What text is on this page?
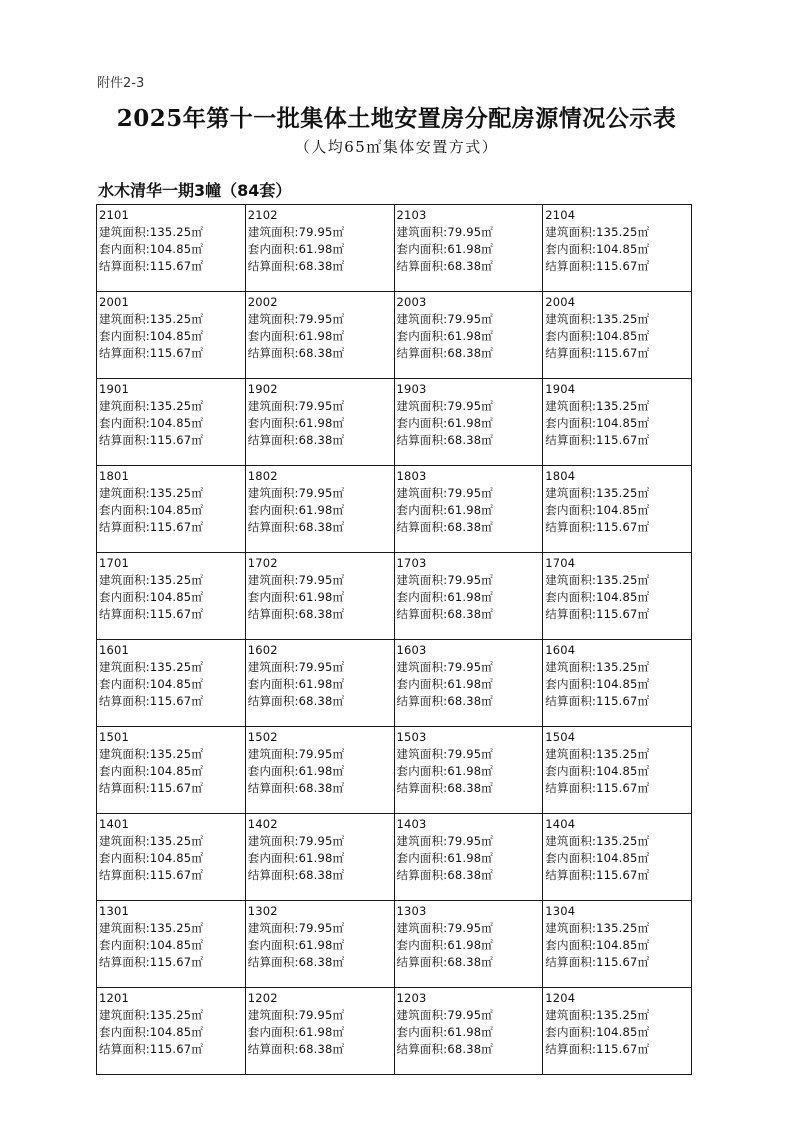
附件2-3
2025年第十一批集体土地安置房分配房源情况公示表
（人均65㎡集体安置方式）
水木清华一期3幢（84套）
2101
建筑面积:135.25㎡
套内面积:104.85㎡
结算面积:115.67㎡	2102
建筑面积:79.95㎡
套内面积:61.98㎡
结算面积:68.38㎡	2103
建筑面积:79.95㎡
套内面积:61.98㎡
结算面积:68.38㎡	2104
建筑面积:135.25㎡
套内面积:104.85㎡
结算面积:115.67㎡

2001
建筑面积:135.25㎡
套内面积:104.85㎡
结算面积:115.67㎡	2002
建筑面积:79.95㎡
套内面积:61.98㎡
结算面积:68.38㎡	2003
建筑面积:79.95㎡
套内面积:61.98㎡
结算面积:68.38㎡	2004
建筑面积:135.25㎡
套内面积:104.85㎡
结算面积:115.67㎡

1901
建筑面积:135.25㎡
套内面积:104.85㎡
结算面积:115.67㎡	1902
建筑面积:79.95㎡
套内面积:61.98㎡
结算面积:68.38㎡	1903
建筑面积:79.95㎡
套内面积:61.98㎡
结算面积:68.38㎡	1904
建筑面积:135.25㎡
套内面积:104.85㎡
结算面积:115.67㎡

1801
建筑面积:135.25㎡
套内面积:104.85㎡
结算面积:115.67㎡	1802
建筑面积:79.95㎡
套内面积:61.98㎡
结算面积:68.38㎡	1803
建筑面积:79.95㎡
套内面积:61.98㎡
结算面积:68.38㎡	1804
建筑面积:135.25㎡
套内面积:104.85㎡
结算面积:115.67㎡

1701
建筑面积:135.25㎡
套内面积:104.85㎡
结算面积:115.67㎡	1702
建筑面积:79.95㎡
套内面积:61.98㎡
结算面积:68.38㎡	1703
建筑面积:79.95㎡
套内面积:61.98㎡
结算面积:68.38㎡	1704
建筑面积:135.25㎡
套内面积:104.85㎡
结算面积:115.67㎡

1601
建筑面积:135.25㎡
套内面积:104.85㎡
结算面积:115.67㎡	1602
建筑面积:79.95㎡
套内面积:61.98㎡
结算面积:68.38㎡	1603
建筑面积:79.95㎡
套内面积:61.98㎡
结算面积:68.38㎡	1604
建筑面积:135.25㎡
套内面积:104.85㎡
结算面积:115.67㎡

1501
建筑面积:135.25㎡
套内面积:104.85㎡
结算面积:115.67㎡	1502
建筑面积:79.95㎡
套内面积:61.98㎡
结算面积:68.38㎡	1503
建筑面积:79.95㎡
套内面积:61.98㎡
结算面积:68.38㎡	1504
建筑面积:135.25㎡
套内面积:104.85㎡
结算面积:115.67㎡

1401
建筑面积:135.25㎡
套内面积:104.85㎡
结算面积:115.67㎡	1402
建筑面积:79.95㎡
套内面积:61.98㎡
结算面积:68.38㎡	1403
建筑面积:79.95㎡
套内面积:61.98㎡
结算面积:68.38㎡	1404
建筑面积:135.25㎡
套内面积:104.85㎡
结算面积:115.67㎡

1301
建筑面积:135.25㎡
套内面积:104.85㎡
结算面积:115.67㎡	1302
建筑面积:79.95㎡
套内面积:61.98㎡
结算面积:68.38㎡	1303
建筑面积:79.95㎡
套内面积:61.98㎡
结算面积:68.38㎡	1304
建筑面积:135.25㎡
套内面积:104.85㎡
结算面积:115.67㎡

1201
建筑面积:135.25㎡
套内面积:104.85㎡
结算面积:115.67㎡	1202
建筑面积:79.95㎡
套内面积:61.98㎡
结算面积:68.38㎡	1203
建筑面积:79.95㎡
套内面积:61.98㎡
结算面积:68.38㎡	1204
建筑面积:135.25㎡
套内面积:104.85㎡
结算面积:115.67㎡
